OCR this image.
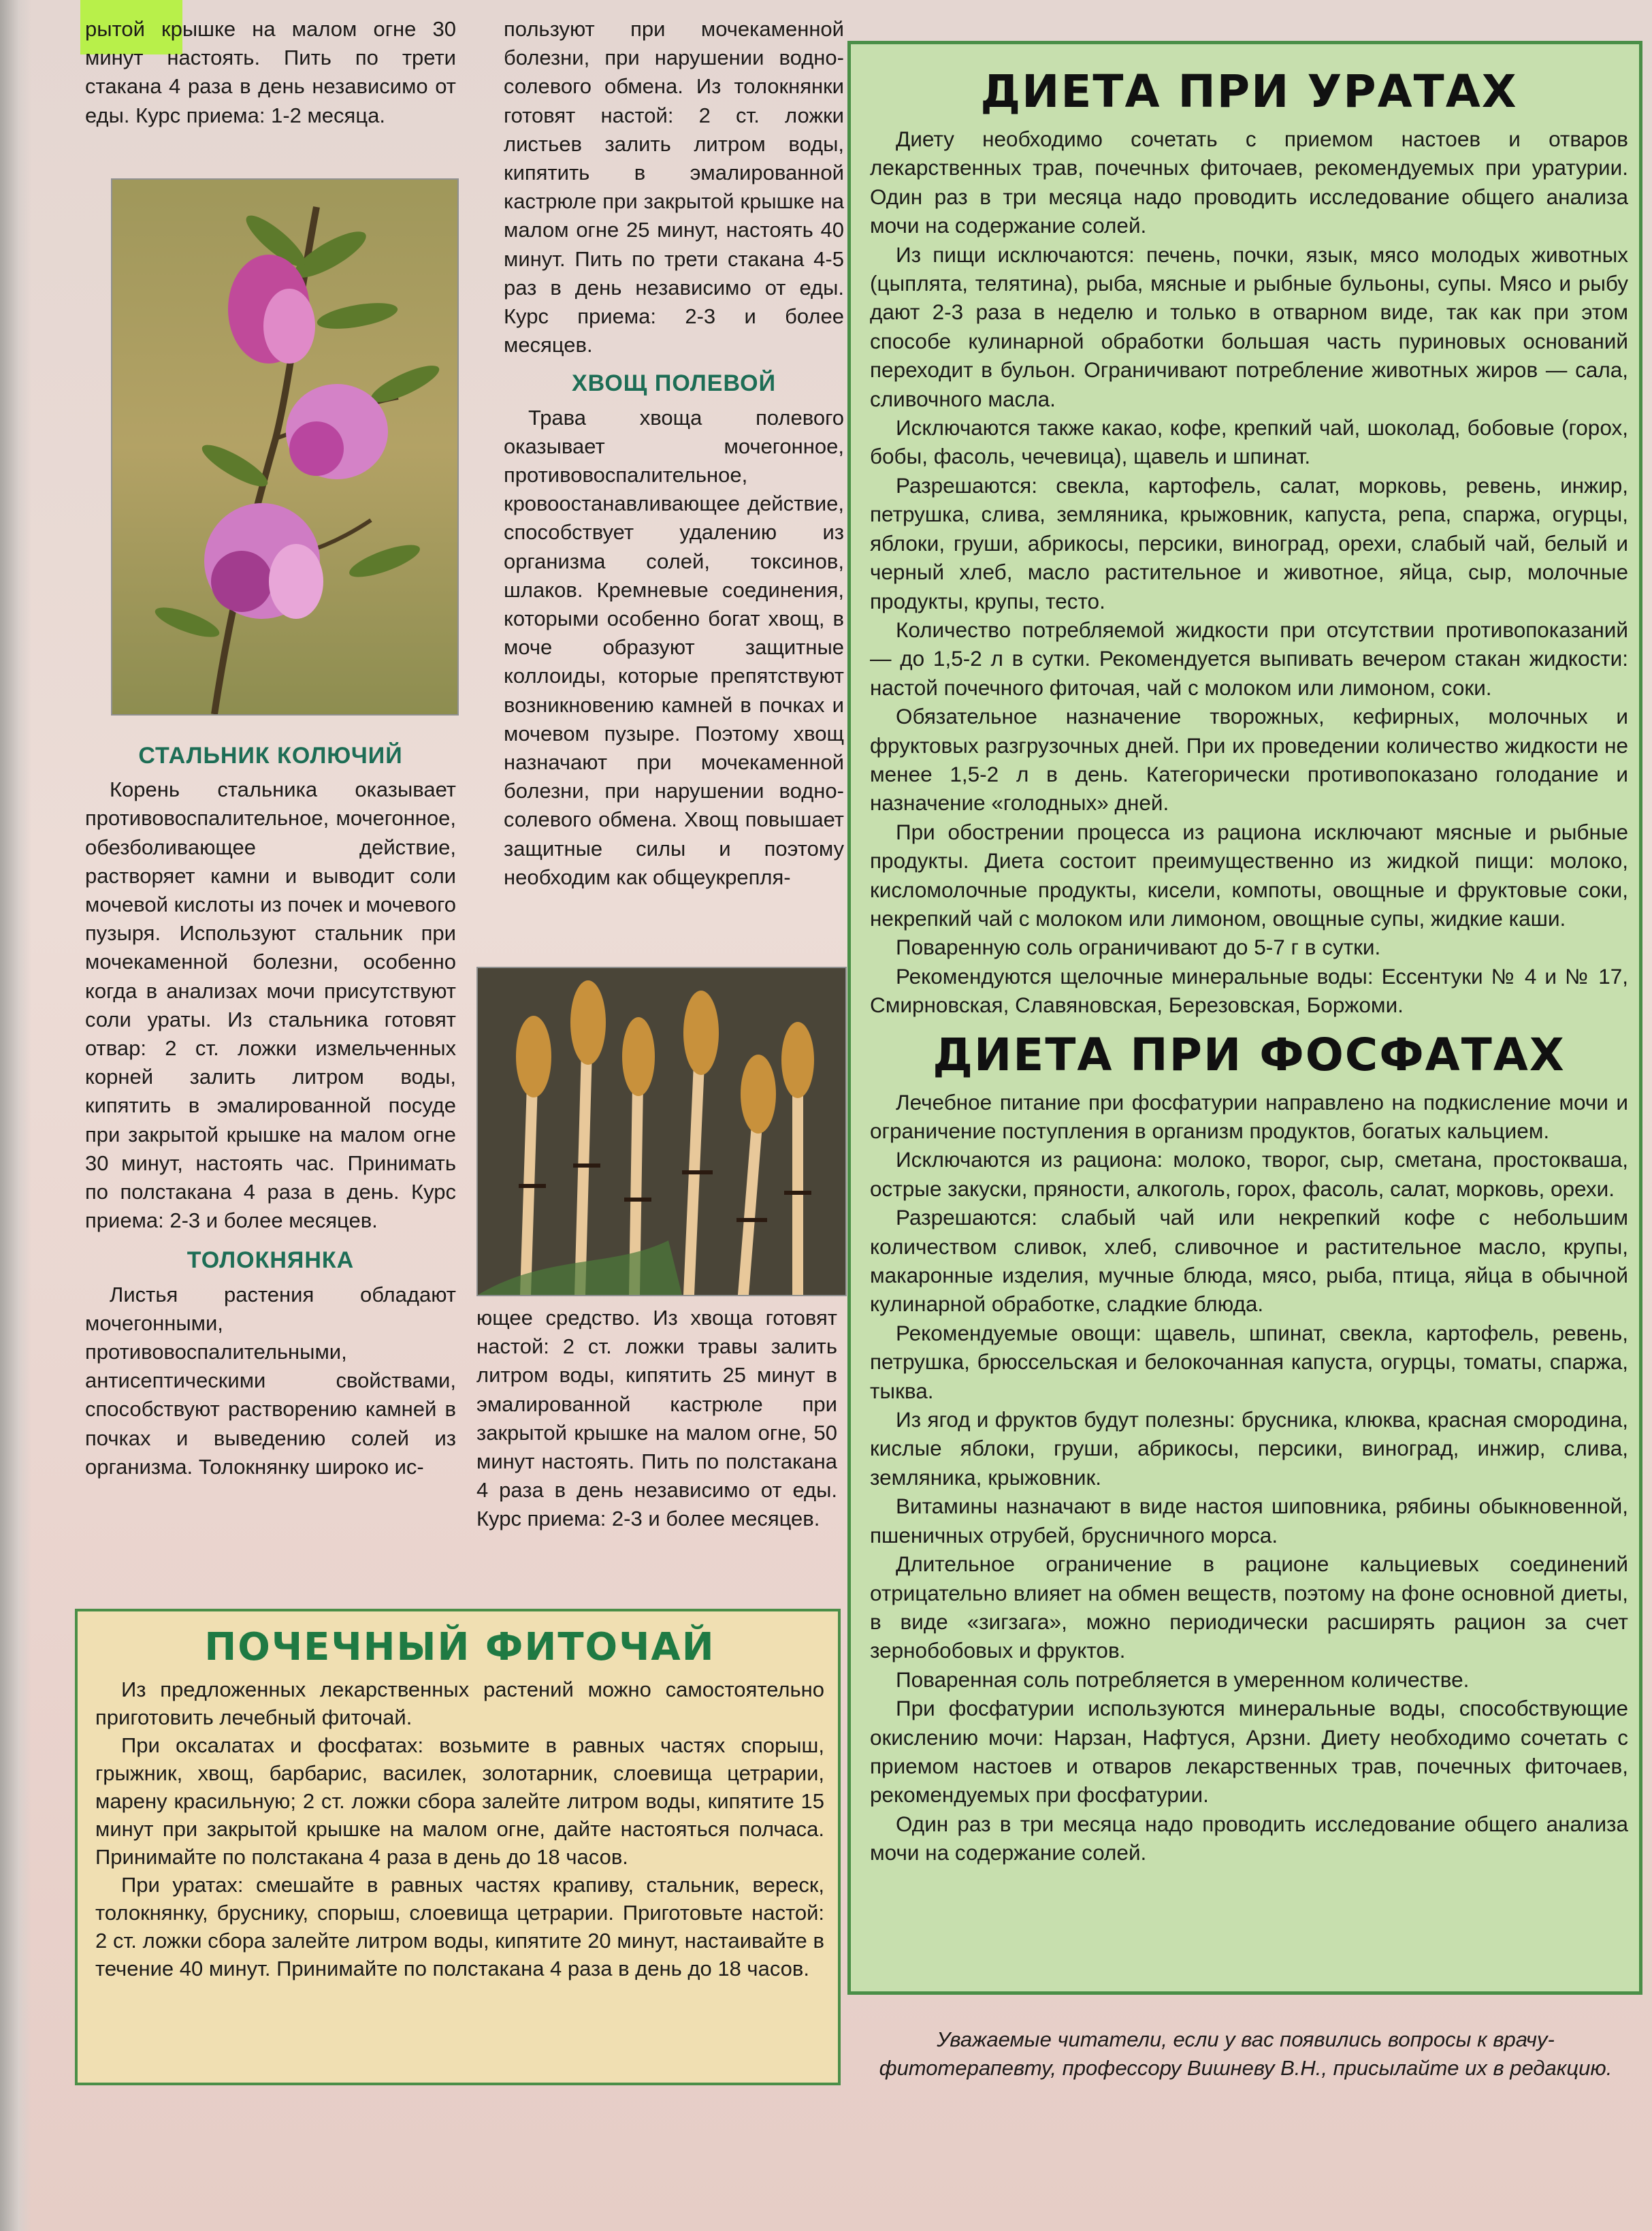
рытой крышке на малом огне 30 минут настоять. Пить по трети стакана 4 раза в день независимо от еды. Курс приема: 1-2 месяца.

СТАЛЬНИК КОЛЮЧИЙ

Корень стальника оказывает противовоспалительное, мочегонное, обезболивающее действие, растворяет камни и выводит соли мочевой кислоты из почек и мочевого пузыря. Используют стальник при мочекаменной болезни, особенно когда в анализах мочи присутствуют соли ураты. Из стальника готовят отвар: 2 ст. ложки измельченных корней залить литром воды, кипятить в эмалированной посуде при закрытой крышке на малом огне 30 минут, настоять час. Принимать по полстакана 4 раза в день. Курс приема: 2-3 и более месяцев.

ТОЛОКНЯНКА

Листья растения обладают мочегонными, противовоспалительными, антисептическими свойствами, способствуют растворению камней в почках и выведению солей из организма. Толокнянку широко ис-

пользуют при мочекаменной болезни, при нарушении водно-солевого обмена. Из толокнянки готовят настой: 2 ст. ложки листьев залить литром воды, кипятить в эмалированной кастрюле при закрытой крышке на малом огне 25 минут, настоять 40 минут. Пить по трети стакана 4-5 раз в день независимо от еды. Курс приема: 2-3 и более месяцев.

ХВОЩ ПОЛЕВОЙ

Трава хвоща полевого оказывает мочегонное, противовоспалительное, кровоостанавливающее действие, способствует удалению из организма солей, токсинов, шлаков. Кремневые соединения, которыми особенно богат хвощ, в моче образуют защитные коллоиды, которые препятствуют возникновению камней в почках и мочевом пузыре. Поэтому хвощ назначают при мочекаменной болезни, при нарушении водно-солевого обмена. Хвощ повышает защитные силы и поэтому необходим как общеукрепля-

ющее средство. Из хвоща готовят настой: 2 ст. ложки травы залить литром воды, кипятить 25 минут в эмалированной кастрюле при закрытой крышке на малом огне, 50 минут настоять. Пить по полстакана 4 раза в день независимо от еды. Курс приема: 2-3 и более месяцев.

ПОЧЕЧНЫЙ ФИТОЧАЙ

Из предложенных лекарственных растений можно самостоятельно приготовить лечебный фиточай.

При оксалатах и фосфатах: возьмите в равных частях спорыш, грыжник, хвощ, барбарис, василек, золотарник, слоевища цетрарии, марену красильную; 2 ст. ложки сбора залейте литром воды, кипятите 15 минут при закрытой крышке на малом огне, дайте настояться полчаса. Принимайте по полстакана 4 раза в день до 18 часов.

При уратах: смешайте в равных частях крапиву, стальник, вереск, толокнянку, бруснику, спорыш, слоевища цетрарии. Приготовьте настой: 2 ст. ложки сбора залейте литром воды, кипятите 20 минут, настаивайте в течение 40 минут. Принимайте по полстакана 4 раза в день до 18 часов.

ДИЕТА ПРИ УРАТАХ

Диету необходимо сочетать с приемом настоев и отваров лекарственных трав, почечных фиточаев, рекомендуемых при уратурии. Один раз в три месяца надо проводить исследование общего анализа мочи на содержание солей.

Из пищи исключаются: печень, почки, язык, мясо молодых животных (цыплята, телятина), рыба, мясные и рыбные бульоны, супы. Мясо и рыбу дают 2-3 раза в неделю и только в отварном виде, так как при этом способе кулинарной обработки большая часть пуриновых оснований переходит в бульон. Ограничивают потребление животных жиров — сала, сливочного масла.

Исключаются также какао, кофе, крепкий чай, шоколад, бобовые (горох, бобы, фасоль, чечевица), щавель и шпинат.

Разрешаются: свекла, картофель, салат, морковь, ревень, инжир, петрушка, слива, земляника, крыжовник, капуста, репа, спаржа, огурцы, яблоки, груши, абрикосы, персики, виноград, орехи, слабый чай, белый и черный хлеб, масло растительное и животное, яйца, сыр, молочные продукты, крупы, тесто.

Количество потребляемой жидкости при отсутствии противопоказаний — до 1,5-2 л в сутки. Рекомендуется выпивать вечером стакан жидкости: настой почечного фиточая, чай с молоком или лимоном, соки.

Обязательное назначение творожных, кефирных, молочных и фруктовых разгрузочных дней. При их проведении количество жидкости не менее 1,5-2 л в день. Категорически противопоказано голодание и назначение «голодных» дней.

При обострении процесса из рациона исключают мясные и рыбные продукты. Диета состоит преимущественно из жидкой пищи: молоко, кисломолочные продукты, кисели, компоты, овощные и фруктовые соки, некрепкий чай с молоком или лимоном, овощные супы, жидкие каши.

Поваренную соль ограничивают до 5-7 г в сутки.

Рекомендуются щелочные минеральные воды: Ессентуки № 4 и № 17, Смирновская, Славяновская, Березовская, Боржоми.

ДИЕТА ПРИ ФОСФАТАХ

Лечебное питание при фосфатурии направлено на подкисление мочи и ограничение поступления в организм продуктов, богатых кальцием.

Исключаются из рациона: молоко, творог, сыр, сметана, простокваша, острые закуски, пряности, алкоголь, горох, фасоль, салат, морковь, орехи.

Разрешаются: слабый чай или некрепкий кофе с небольшим количеством сливок, хлеб, сливочное и растительное масло, крупы, макаронные изделия, мучные блюда, мясо, рыба, птица, яйца в обычной кулинарной обработке, сладкие блюда.

Рекомендуемые овощи: щавель, шпинат, свекла, картофель, ревень, петрушка, брюссельская и белокочанная капуста, огурцы, томаты, спаржа, тыква.

Из ягод и фруктов будут полезны: брусника, клюква, красная смородина, кислые яблоки, груши, абрикосы, персики, виноград, инжир, слива, земляника, крыжовник.

Витамины назначают в виде настоя шиповника, рябины обыкновенной, пшеничных отрубей, брусничного морса.

Длительное ограничение в рационе кальциевых соединений отрицательно влияет на обмен веществ, поэтому на фоне основной диеты, в виде «зигзага», можно периодически расширять рацион за счет зернобобовых и фруктов.

Поваренная соль потребляется в умеренном количестве.

При фосфатурии используются минеральные воды, способствующие окислению мочи: Нарзан, Нафтуся, Арзни. Диету необходимо сочетать с приемом настоев и отваров лекарственных трав, почечных фиточаев, рекомендуемых при фосфатурии.

Один раз в три месяца надо проводить исследование общего анализа мочи на содержание солей.

Уважаемые читатели, если у вас появились вопросы к врачу-фитотерапевту, профессору Вишневу В.Н., присылайте их в редакцию.
